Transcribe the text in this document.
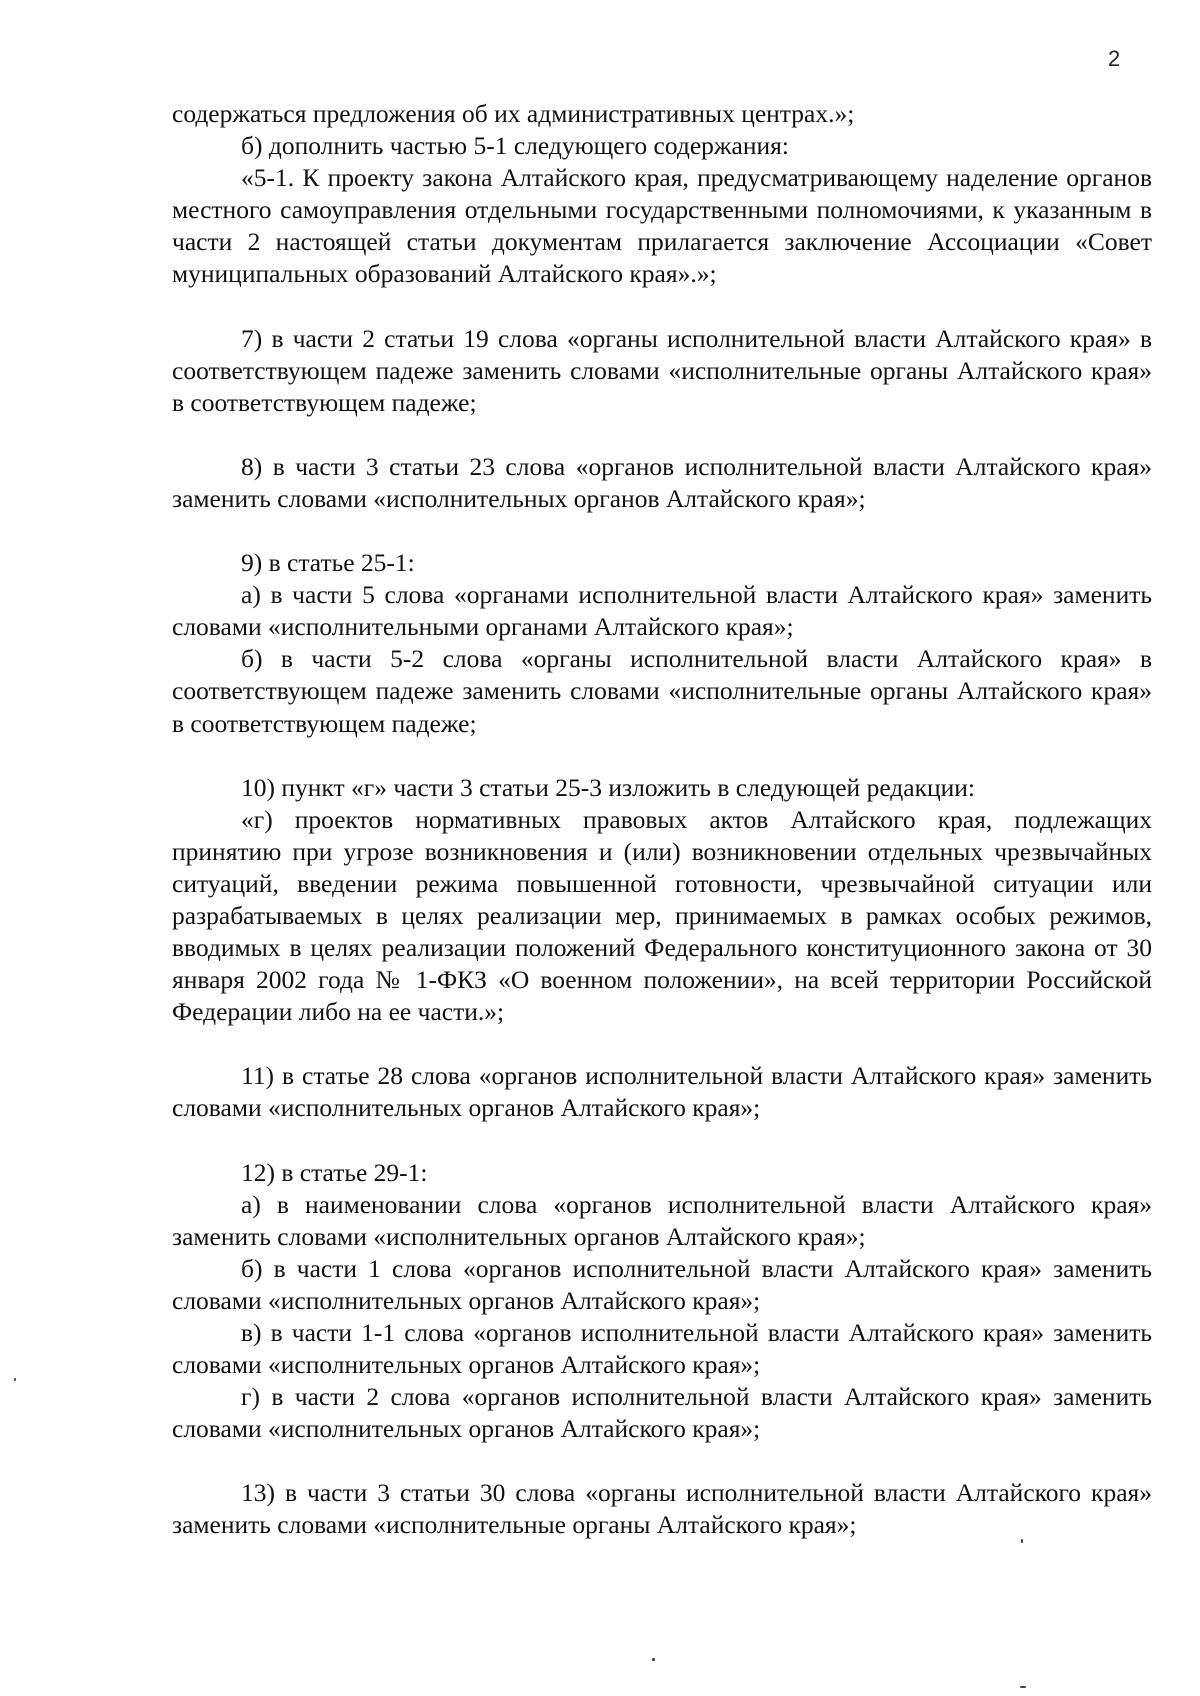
2

содержаться предложения об их административных центрах.»;

б) дополнить частью 5-1 следующего содержания:

«5-1. К проекту закона Алтайского края, предусматривающему наделение органов местного самоуправления отдельными государственными полномочиями, к указанным в части 2 настоящей статьи документам прилагается заключение Ассоциации «Совет муниципальных образований Алтайского края».»;

7) в части 2 статьи 19 слова «органы исполнительной власти Алтайского края» в соответствующем падеже заменить словами «исполнительные органы Алтайского края» в соответствующем падеже;

8) в части 3 статьи 23 слова «органов исполнительной власти Алтайского края» заменить словами «исполнительных органов Алтайского края»;

9) в статье 25-1:

а) в части 5 слова «органами исполнительной власти Алтайского края» заменить словами «исполнительными органами Алтайского края»;

б) в части 5-2 слова «органы исполнительной власти Алтайского края» в соответствующем падеже заменить словами «исполнительные органы Алтайского края» в соответствующем падеже;

10) пункт «г» части 3 статьи 25-3 изложить в следующей редакции:

«г) проектов нормативных правовых актов Алтайского края, подлежащих принятию при угрозе возникновения и (или) возникновении отдельных чрезвычайных ситуаций, введении режима повышенной готовности, чрезвычайной ситуации или разрабатываемых в целях реализации мер, принимаемых в рамках особых режимов, вводимых в целях реализации положений Федерального конституционного закона от 30 января 2002 года № 1-ФКЗ «О военном положении», на всей территории Российской Федерации либо на ее части.»;

11) в статье 28 слова «органов исполнительной власти Алтайского края» заменить словами «исполнительных органов Алтайского края»;

12) в статье 29-1:

а) в наименовании слова «органов исполнительной власти Алтайского края» заменить словами «исполнительных органов Алтайского края»;

б) в части 1 слова «органов исполнительной власти Алтайского края» заменить словами «исполнительных органов Алтайского края»;

в) в части 1-1 слова «органов исполнительной власти Алтайского края» заменить словами «исполнительных органов Алтайского края»;

г) в части 2 слова «органов исполнительной власти Алтайского края» заменить словами «исполнительных органов Алтайского края»;

13) в части 3 статьи 30 слова «органы исполнительной власти Алтайского края» заменить словами «исполнительные органы Алтайского края»;
